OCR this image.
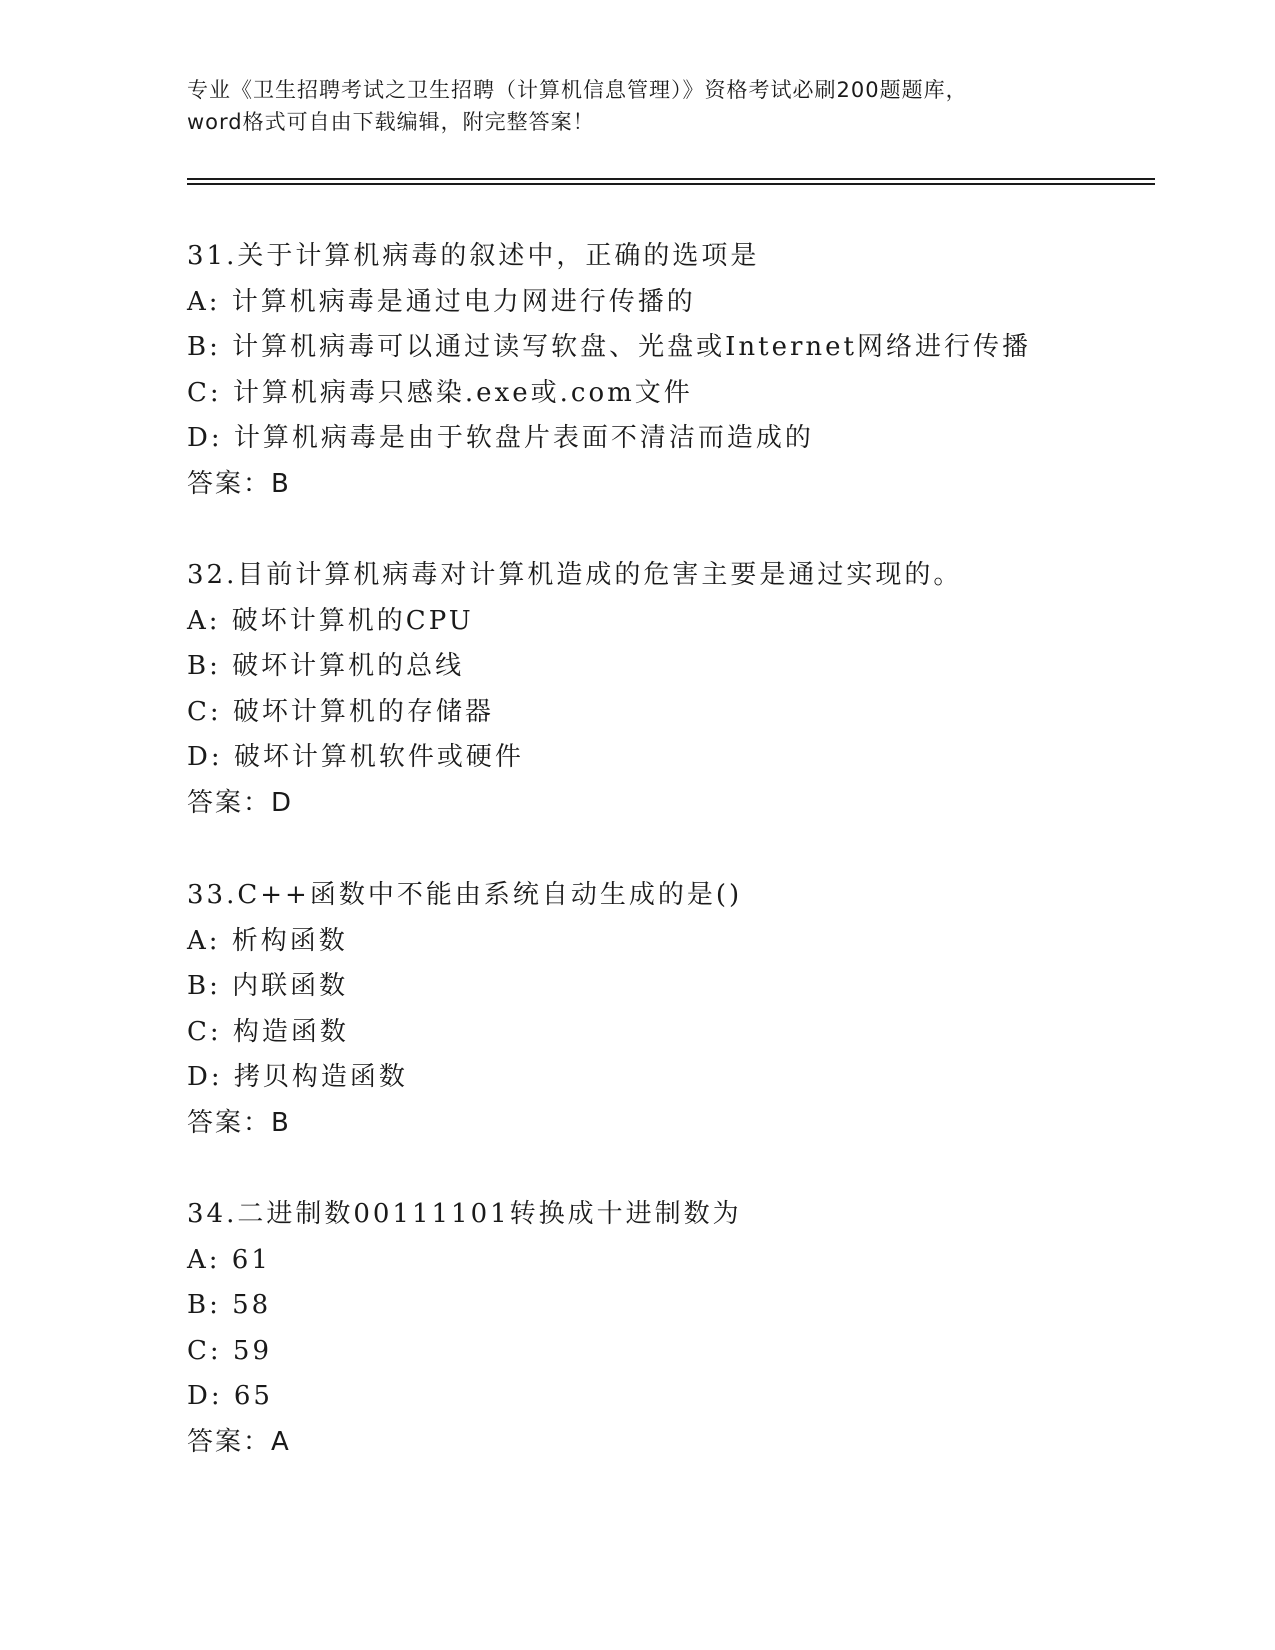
专业《卫生招聘考试之卫生招聘（计算机信息管理）》资格考试必刷200题题库，
word格式可自由下载编辑，附完整答案！
31.关于计算机病毒的叙述中，正确的选项是
A: 计算机病毒是通过电力网进行传播的
B: 计算机病毒可以通过读写软盘、光盘或Internet网络进行传播
C: 计算机病毒只感染.exe或.com文件
D: 计算机病毒是由于软盘片表面不清洁而造成的
答案：B
32.目前计算机病毒对计算机造成的危害主要是通过实现的。
A: 破坏计算机的CPU
B: 破坏计算机的总线
C: 破坏计算机的存储器
D: 破坏计算机软件或硬件
答案：D
33.C++函数中不能由系统自动生成的是()
A: 析构函数
B: 内联函数
C: 构造函数
D: 拷贝构造函数
答案：B
34.二进制数00111101转换成十进制数为
A: 61
B: 58
C: 59
D: 65
答案：A
